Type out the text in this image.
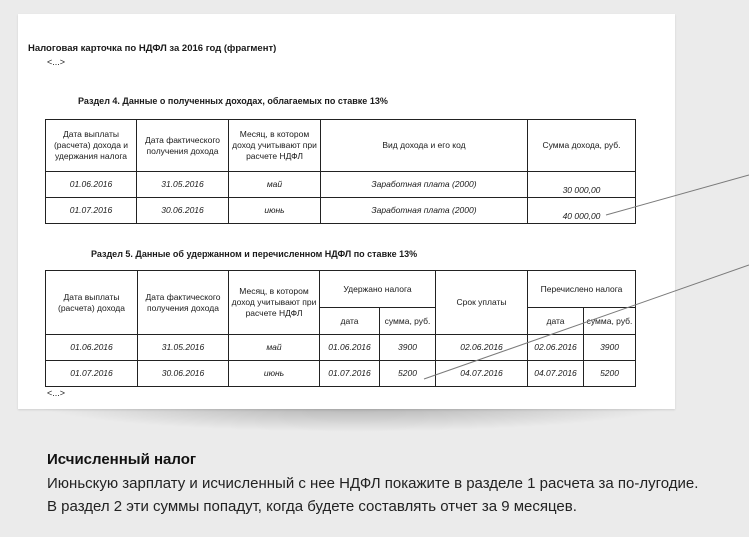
Налоговая карточка по НДФЛ за 2016 год (фрагмент)
<...>
Раздел 4. Данные о полученных доходах, облагаемых по ставке 13%
Дата выплаты (расчета) дохода и удержания налога	Дата фактического получения дохода	Месяц, в котором доход учитывают при расчете НДФЛ	Вид дохода и его код	Сумма дохода, руб.
01.06.2016	31.05.2016	май	Заработная плата (2000)	30 000,00
01.07.2016	30.06.2016	июнь	Заработная плата (2000)	40 000,00
Раздел 5. Данные об удержанном и перечисленном НДФЛ по ставке 13%
Дата выплаты (расчета) дохода	Дата фактического получения дохода	Месяц, в котором доход учитывают при расчете НДФЛ	Удержано налога		Срок уплаты	Перечислено налога	
			дата	сумма, руб.		дата	сумма, руб.
01.06.2016	31.05.2016	май	01.06.2016	3900	02.06.2016	02.06.2016	3900
01.07.2016	30.06.2016	июнь	01.07.2016	5200	04.07.2016	04.07.2016	5200
<...>
Исчисленный налог
Июньскую зарплату и исчисленный с нее НДФЛ покажите в разделе 1 расчета за по-лугодие. В раздел 2 эти суммы попадут, когда будете составлять отчет за 9 месяцев.
